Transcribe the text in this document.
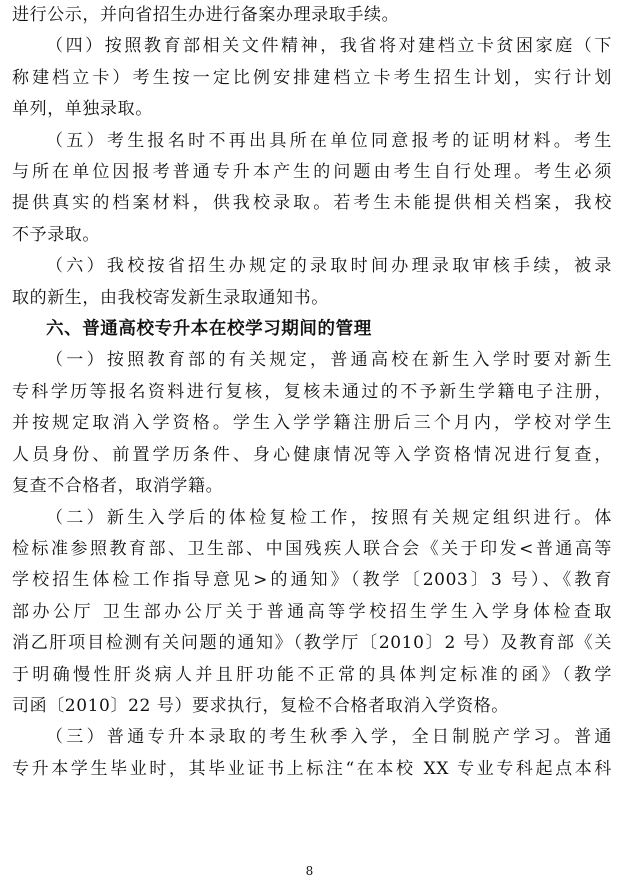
进行公示，并向省招生办进行备案办理录取手续。

（四）按照教育部相关文件精神，我省将对建档立卡贫困家庭（下

称建档立卡）考生按一定比例安排建档立卡考生招生计划，实行计划

单列，单独录取。

（五）考生报名时不再出具所在单位同意报考的证明材料。考生

与所在单位因报考普通专升本产生的问题由考生自行处理。考生必须

提供真实的档案材料，供我校录取。若考生未能提供相关档案，我校

不予录取。

（六）我校按省招生办规定的录取时间办理录取审核手续，被录

取的新生，由我校寄发新生录取通知书。

六、普通高校专升本在校学习期间的管理

（一）按照教育部的有关规定，普通高校在新生入学时要对新生

专科学历等报名资料进行复核，复核未通过的不予新生学籍电子注册，

并按规定取消入学资格。学生入学学籍注册后三个月内，学校对学生

人员身份、前置学历条件、身心健康情况等入学资格情况进行复查，

复查不合格者，取消学籍。

（二）新生入学后的体检复检工作，按照有关规定组织进行。体

检标准参照教育部、卫生部、中国残疾人联合会《关于印发<普通高等

学校招生体检工作指导意见>的通知》（教学〔2003〕3 号）、《教育

部办公厅 卫生部办公厅关于普通高等学校招生学生入学身体检查取

消乙肝项目检测有关问题的通知》（教学厅〔2010〕2 号）及教育部《关

于明确慢性肝炎病人并且肝功能不正常的具体判定标准的函》（教学

司函〔2010〕22 号）要求执行，复检不合格者取消入学资格。

（三）普通专升本录取的考生秋季入学，全日制脱产学习。普通

专升本学生毕业时，其毕业证书上标注“在本校 XX 专业专科起点本科

8
